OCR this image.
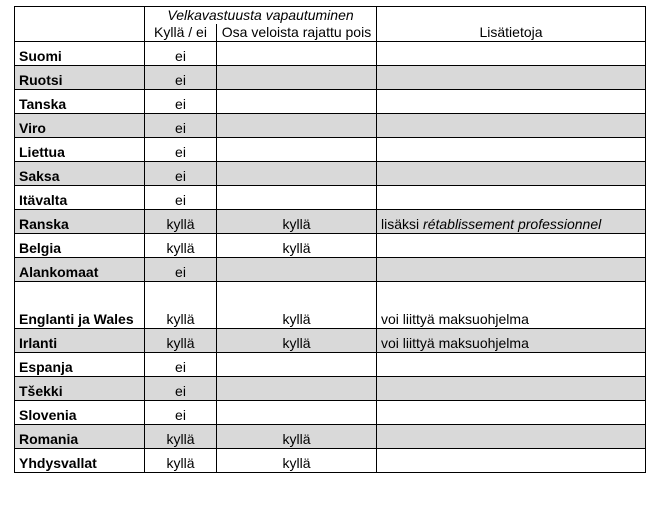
	Velkavastuusta vapautuminen		Lisätietoja
	Kyllä / ei	Osa veloista rajattu pois	
Suomi	ei		
Ruotsi	ei		
Tanska	ei		
Viro	ei		
Liettua	ei		
Saksa	ei		
Itävalta	ei		
Ranska	kyllä	kyllä	lisäksi rétablissement professionnel
Belgia	kyllä	kyllä	
Alankomaat	ei		
Englanti ja Wales	kyllä	kyllä	voi liittyä maksuohjelma
Irlanti	kyllä	kyllä	voi liittyä maksuohjelma
Espanja	ei		
Tšekki	ei		
Slovenia	ei		
Romania	kyllä	kyllä	
Yhdysvallat	kyllä	kyllä	
